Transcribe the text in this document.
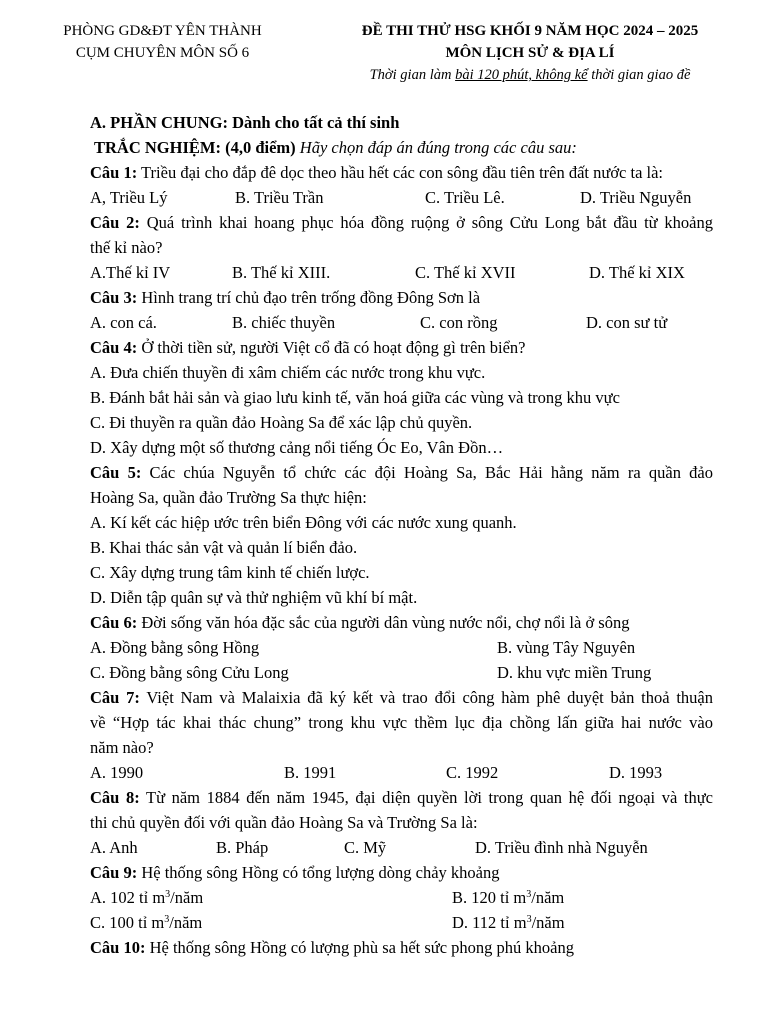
PHÒNG GD&ĐT YÊN THÀNH
CỤM CHUYÊN MÔN SỐ 6
ĐỀ THI THỬ HSG KHỐI 9 NĂM HỌC 2024 – 2025
MÔN LỊCH SỬ & ĐỊA LÍ
Thời gian làm bài 120 phút, không kể thời gian giao đề
A. PHẦN CHUNG: Dành cho tất cả thí sinh
TRẮC NGHIỆM: (4,0 điểm) Hãy chọn đáp án đúng trong các câu sau:
Câu 1: Triều đại cho đắp đê dọc theo hầu hết các con sông đầu tiên trên đất nước ta là:
A, Triều Lý	B. Triều Trần	C. Triều Lê.	D. Triều Nguyễn
Câu 2: Quá trình khai hoang phục hóa đồng ruộng ở sông Cửu Long bắt đầu từ khoảng
thế kỉ nào?
A.Thế kỉ IV	B. Thế kỉ XIII.	C. Thế kỉ XVII	D. Thế kỉ XIX
Câu 3: Hình trang trí chủ đạo trên trống đồng Đông Sơn là
A. con cá.	B. chiếc thuyền	C. con rồng	D. con sư tử
Câu 4: Ở thời tiền sử, người Việt cổ đã có hoạt động gì trên biển?
A. Đưa chiến thuyền đi xâm chiếm các nước trong khu vực.
B. Đánh bắt hải sản và giao lưu kinh tế, văn hoá giữa các vùng và trong khu vực
C. Đi thuyền ra quần đảo Hoàng Sa để xác lập chủ quyền.
D. Xây dựng một số thương cảng nổi tiếng Óc Eo, Vân Đồn…
Câu 5: Các chúa Nguyễn tổ chức các đội Hoàng Sa, Bắc Hải hằng năm ra quần đảo
Hoàng Sa, quần đảo Trường Sa thực hiện:
A. Kí kết các hiệp ước trên biển Đông với các nước xung quanh.
B. Khai thác sản vật và quản lí biển đảo.
C. Xây dựng trung tâm kinh tế chiến lược.
D. Diễn tập quân sự và thử nghiệm vũ khí bí mật.
Câu 6: Đời sống văn hóa đặc sắc của người dân vùng nước nổi, chợ nổi là ở sông
A. Đồng bằng sông Hồng	B. vùng Tây Nguyên
C. Đồng bằng sông Cửu Long	D. khu vực miền Trung
Câu 7: Việt Nam và Malaixia đã ký kết và trao đổi công hàm phê duyệt bản thoả thuận
về “Hợp tác khai thác chung” trong khu vực thềm lục địa chồng lấn giữa hai nước vào
năm nào?
A. 1990	B. 1991	C. 1992	D. 1993
Câu 8: Từ năm 1884 đến năm 1945, đại diện quyền lời trong quan hệ đối ngoại và thực
thi chủ quyền đối với quần đảo Hoàng Sa và Trường Sa là:
A. Anh	B. Pháp	C. Mỹ	D. Triều đình nhà Nguyễn
Câu 9: Hệ thống sông Hồng có tổng lượng dòng chảy khoảng
A. 102 tỉ $m^3$/năm	B. 120 tỉ $m^3$/năm
C. 100 tỉ $m^3$/năm	D. 112 tỉ $m^3$/năm
Câu 10: Hệ thống sông Hồng có lượng phù sa hết sức phong phú khoảng
